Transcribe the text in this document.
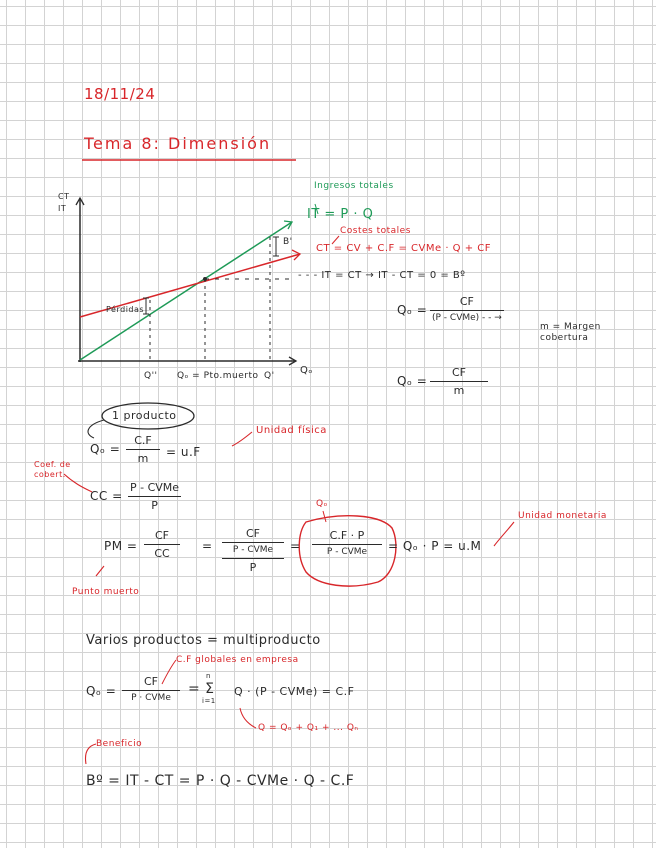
18/11/24
Tema 8: Dimensión
CT
IT
Qₒ
Q'' Qₒ = Pto.muerto Q'
Ingresos totales
IT = P · Q
Costes totales
CT = CV + C.F = CVMe · Q + CF
B'
Pérdidas
- - - IT = CT → IT - CT = 0 = Bº
Qₒ =
CF
(P - CVMe) - - →
m = Margen cobertura
Qₒ =
CF
m
1 producto
Qₒ =
C.F
m = u.F
Unidad física
Coef. de cobert.
CC =
P - CVMe
P
PM =
CF
CC
=
CF
P - CVMe
P
=
C.F · P
P - CVMe
Qₒ
= Qₒ · P = u.M
Unidad monetaria
Punto muerto
Varios productos = multiproducto
C.F globales en empresa
Qₒ =
CF
P · CVMe
= Σ
n
i=1
Q · (P - CVMe) = C.F
Q = Qₒ + Q₁ + ... Qₙ
Beneficio
Bº = IT - CT = P · Q - CVMe · Q - C.F
